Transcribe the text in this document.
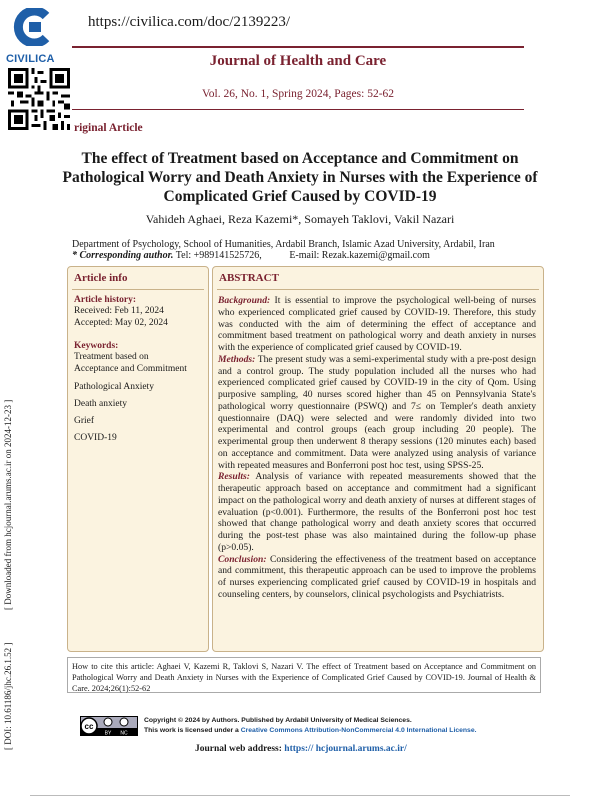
CIVILICA
https://civilica.com/doc/2139223/
Journal of Health and Care
Vol. 26, No. 1, Spring 2024, Pages: 52-62
riginal Article
The effect of Treatment based on Acceptance and Commitment on Pathological Worry and Death Anxiety in Nurses with the Experience of Complicated Grief Caused by COVID-19
Vahideh Aghaei, Reza Kazemi*, Somayeh Taklovi, Vakil Nazari
Department of Psychology, School of Humanities, Ardabil Branch, Islamic Azad University, Ardabil, Iran
* Corresponding author. Tel: +989141525726,	E-mail: Rezak.kazemi@gmail.com
[ DOI: 10.61186/jhc.26.1.52 ]
[ Downloaded from hcjournal.arums.ac.ir on 2024-12-23 ]
Article info
Article history:
Received: Feb 11, 2024
Accepted: May 02, 2024
Keywords:
Treatment based on
Acceptance and Commitment
Pathological Anxiety
Death anxiety
Grief
COVID-19
ABSTRACT

Background: It is essential to improve the psychological well-being of nurses who experienced complicated grief caused by COVID-19. Therefore, this study was conducted with the aim of determining the effect of acceptance and commitment based treatment on pathological worry and death anxiety in nurses with the experience of complicated grief caused by COVID-19.

Methods: The present study was a semi-experimental study with a pre-post design and a control group. The study population included all the nurses who had experienced complicated grief caused by COVID-19 in the city of Qom. Using purposive sampling, 40 nurses scored higher than 45 on Pennsylvania State's pathological worry questionnaire (PSWQ) and 7≤ on Templer's death anxiety questionnaire (DAQ) were selected and were randomly divided into two experimental and control groups (each group including 20 people). The experimental group then underwent 8 therapy sessions (120 minutes each) based on acceptance and commitment. Data were analyzed using analysis of variance with repeated measures and Bonferroni post hoc test, using SPSS-25.

Results: Analysis of variance with repeated measurements showed that the therapeutic approach based on acceptance and commitment had a significant impact on the pathological worry and death anxiety of nurses at different stages of evaluation (p<0.001). Furthermore, the results of the Bonferroni post hoc test showed that change pathological worry and death anxiety scores that occurred during the post-test phase was also maintained during the follow-up phase (p>0.05).

Conclusion: Considering the effectiveness of the treatment based on acceptance and commitment, this therapeutic approach can be used to improve the problems of nurses experiencing complicated grief caused by COVID-19 in hospitals and counseling centers, by counselors, clinical psychologists and Psychiatrists.

How to cite this article: Aghaei V, Kazemi R, Taklovi S, Nazari V. The effect of Treatment based on Acceptance and Commitment on Pathological Worry and Death Anxiety in Nurses with the Experience of Complicated Grief Caused by COVID-19. Journal of Health & Care. 2024;26(1):52-62
cc
BY NC
Copyright © 2024 by Authors. Published by Ardabil University of Medical Sciences.
This work is licensed under a Creative Commons Attribution-NonCommercial 4.0 International License.
Journal web address: https:// hcjournal.arums.ac.ir/
